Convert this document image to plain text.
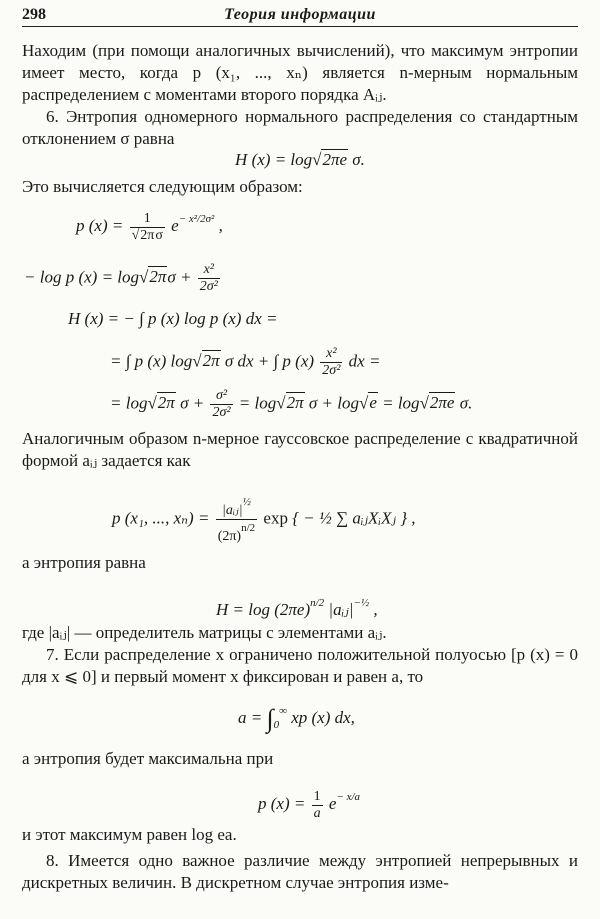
298	Теория информации

Находим (при помощи аналогичных вычислений), что максимум энтропии имеет место, когда p (x₁, ..., xₙ) является n-мерным нормальным распределением с моментами второго порядка Aᵢⱼ.

6. Энтропия одномерного нормального распределения со стандартным отклонением σ равна

H (x) = log√2πe σ.

Это вычисляется следующим образом:

p $(x) = \frac{1}{√2\pi\sigma} e^{- x^2/2\sigma^2}$ ,
− log p $(x) = \log√2\pi\sigma + \frac{\text{x²}}{\text{2σ²}}$
H (x) = − ∫ p (x) log p (x) dx =
= ∫ p (x) log√2π σ dx + ∫ p $(x) \frac{\text{x²}}{\text{2σ²}}$ dx =
= log√2π $\sigma + \frac{\text{σ²}}{\text{2σ²}} = \log√2\pi$ σ + log√e = log√2πe σ.

Аналогичным образом n-мерное гауссовское распределение с квадратичной формой aᵢⱼ задается как

p (x₁, ..., $x_n) = \frac{|aᵢⱼ|^{\frac{1}{2}}}{(2\pi)^{n/2}}$ exp { − ½ ∑ aᵢⱼXᵢXⱼ } ,

а энтропия равна

$H = \log (2\pi e)^{n/2}$ $|aᵢⱼ|^{-\frac{1}{2}}$ ,

где |aᵢⱼ| — определитель матрицы с элементами aᵢⱼ.

7. Если распределение x ограничено положительной полуосью [p (x) = 0 для x ⩽ 0] и первый момент x фиксирован и равен a, то

$a = \int_0^\infty$ xp (x) dx,

а энтропия будет максимальна при

p $(x) = \frac{1}{a} e^{- x/a}$

и этот максимум равен log ea.

8. Имеется одно важное различие между энтропией непрерывных и дискретных величин. В дискретном случае энтропия изме-
